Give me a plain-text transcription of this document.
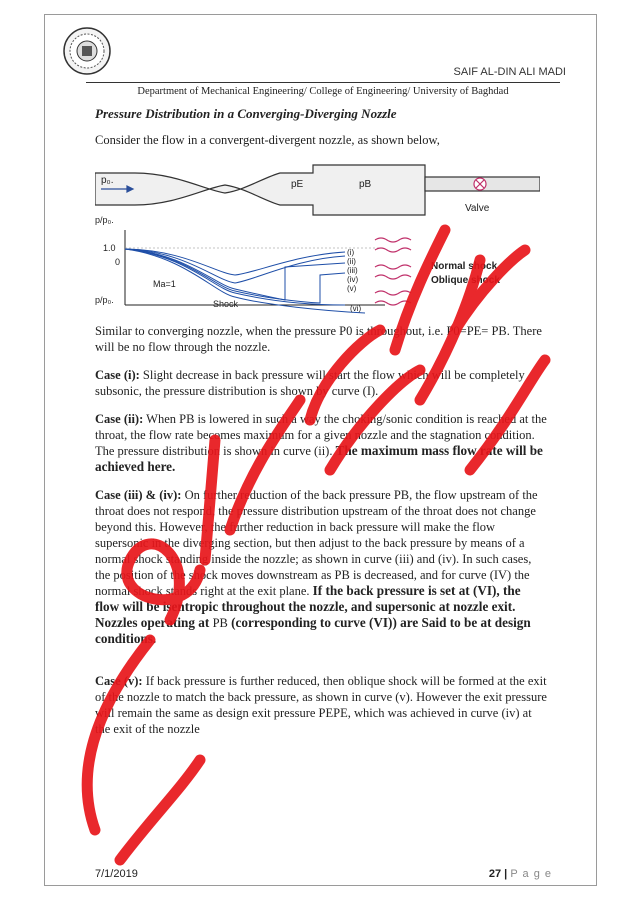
SAIF AL-DIN ALI MADI
Department of Mechanical Engineering/ College of Engineering/ University of Baghdad
Pressure Distribution in a Converging-Diverging Nozzle
Consider the flow in a convergent-divergent nozzle, as shown below,
p₀.	pE	pB
Valve
p/p₀.
1.0
0
Ma=1
Shock
p/p₀.
(i)
(ii)
(iii)
(iv)
(v)
(vi)
Normal shock
Oblique shock

Similar to converging nozzle, when the pressure P0 is throughout, i.e. P0=PE= PB. There will be no flow through the nozzle.

Case (i): Slight decrease in back pressure will start the flow which will be completely subsonic, the pressure distribution is shown by curve (I).

Case (ii): When PB is lowered in such a way the choking/sonic condition is reached at the throat, the flow rate becomes maximum for a given nozzle and the stagnation condition. The pressure distribution is shown in curve (ii). The maximum mass flow rate will be achieved here.

Case (iii) & (iv): On further reduction of the back pressure PB, the flow upstream of the throat does not respond, the pressure distribution upstream of the throat does not change beyond this. However, the further reduction in back pressure will make the flow supersonic in the diverging section, but then adjust to the back pressure by means of a normal shock standing inside the nozzle; as shown in curve (iii) and (iv). In such cases, the position of the shock moves downstream as PB is decreased, and for curve (IV) the normal shock stands right at the exit plane. If the back pressure is set at (VI), the flow will be isentropic throughout the nozzle, and supersonic at nozzle exit. Nozzles operating at PB (corresponding to curve (VI)) are Said to be at design conditions.

Case (v): If back pressure is further reduced, then oblique shock will be formed at the exit of the nozzle to match the back pressure, as shown in curve (v). However the exit pressure will remain the same as design exit pressure PEPE, which was achieved in curve (iv) at the exit of the nozzle

7/1/2019	27 | P a g e
